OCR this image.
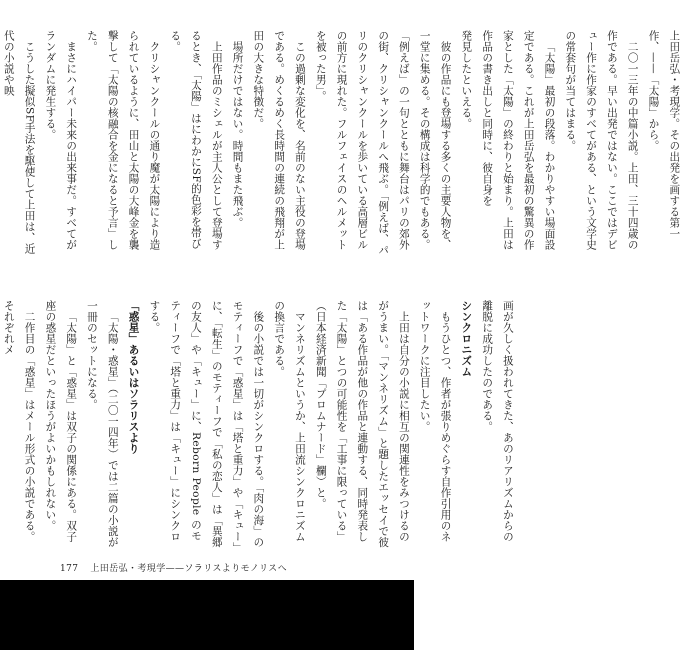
上田岳弘・考現学。その出発を画する第一作、——「太陽」から。
二〇一三年の中篇小説。上田、三十四歳の作である。早い出発ではない。ここではデビュー作に作家のすべてがある、という文学史の常套句が当てはまる。
「太陽」最初の段落。わかりやすい場面設定である。これが上田岳弘を最初の驚異の作家とした「太陽」の終わりと始まり。上田は作品の書き出しと同時に、彼自身を
発見したといえる。
彼の作品にも登場する多くの主要人物を、一堂に集める。その構成は科学的でもある。「例えば」の一句とともに舞台はパリの郊外の街、クリシャンクールへ飛ぶ。「例えば、パリのクリシャンクールを歩いている高層ビルの前方に現れた。フルフェイスのヘルメットを被った男」。
この過剰な変化を、名前のない主役の登場である。めくるめく長時間の連続の飛翔が上田の大きな特徴だ。
場所だけではない。時間もまた飛ぶ。
上田作品のミシェルが主人公として登場するとき、「太陽」はにわかにSF的色彩を帯びる。
クリシャンクールの通り魔が太陽により造られているように、田山と太陽の大峰金を襲撃して「太陽の核融合を金になると予言」した。
まさにハイパー未来の出来事だ。すべてがランダムに発生する。
こうした擬似SF手法を駆使して上田は、近代の小説や映
画が久しく扱われてきた、あのリアリズムからの離脱に成功したのである。
シンクロニズム
もうひとつ、作者が張りめぐらす自作引用のネットワークに注目したい。
上田は自分の小説に相互の関連性をみつけるのがうまい。「マンネリズム」と題したエッセイで彼は「ある作品が他の作品と連動する、同時発表した「太陽」とつの可能性を「工事に限っている」（日本経済新聞「プロムナード」欄）と。
マンネリズムというか、上田流シンクロニズムの換言である。
後の小説では一切がシンクロする。「肉の海」のモティーフで「惑星」は「塔と重力」や「キュー」に、「転生」のモティーフで「私の恋人」は「異郷の友人」や「キュー」に、Reborn People のモティーフで「塔と重力」は「キュー」にシンクロする。
「惑星」あるいはソラリスより
「太陽・惑星」（二〇一四年）では二篇の小説が一冊のセットになる。
「太陽」と「惑星」は双子の関係にある。双子座の惑星だといったほうがよいかもしれない。
二作目の「惑星」はメール形式の小説である。それぞれメ
177 上田岳弘・考現学——ソラリスよりモノリスへ
